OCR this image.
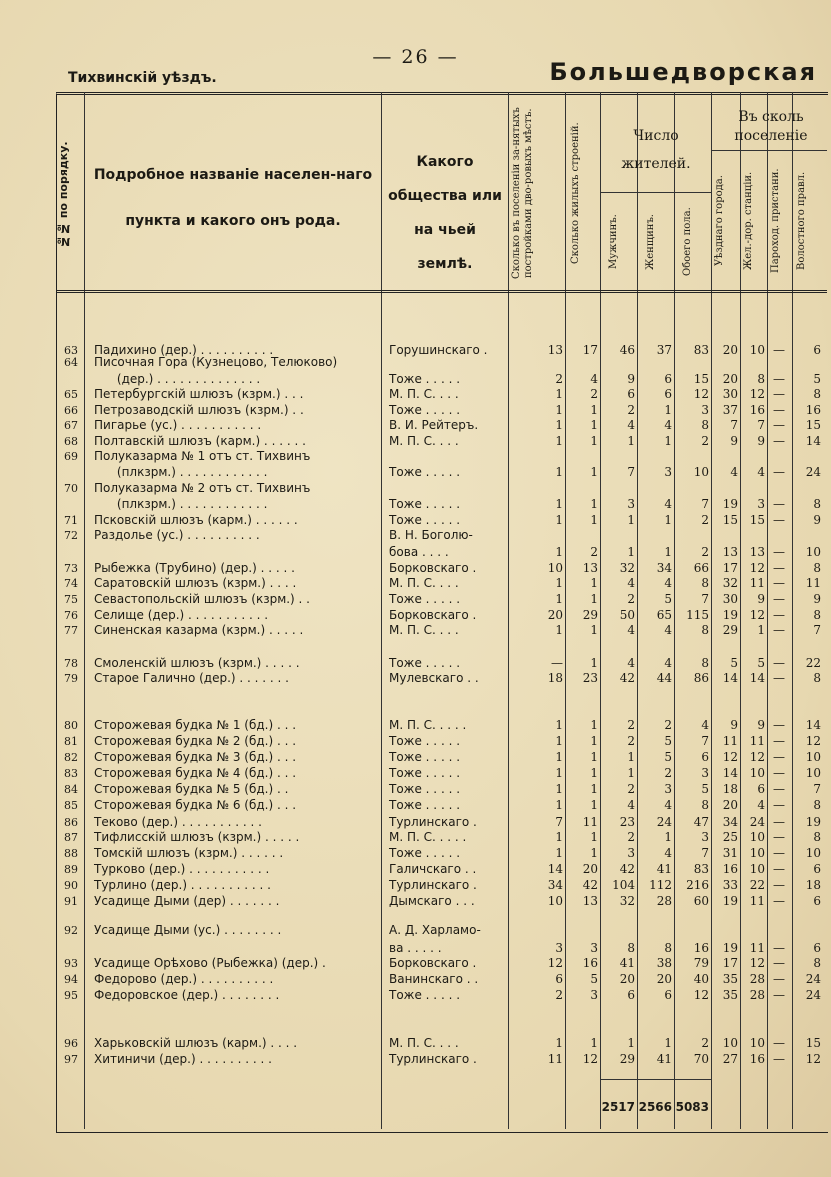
— 26 —
Тихвинскій уѣздъ.	Большедворская
№№ по порядку.	Подробное названіе населен-наго пункта и какого онъ рода.
Какого общества или на чьей землѣ.	Сколько въ поселеніи за-нятыхъ постройками дво-ровыхъ мѣстъ.	Сколько жилыхъ строеній.	Число жителей.
Мужчинъ.	Женщинъ.	Обоего пола.
Въ сколь поселеніе
Уѣзднаго города.	Жел.-дор. станціи.	Пароход. пристани.	Волостного правл.
63	Падихино (дер.) . . . . . . . . . .	Горушинскаго .	13	17	46	37	83	20 10 —	6
64	Писочная Гора (Кузнецово, Телюково)
(дер.) . . . . . . . . . . . . . .	Тоже . . . . .	2	4	9	6	15	20	8 —	5
65	Петербургскій шлюзъ (кзрм.) . . .	М. П. С. . . .	1	2	6	6	12	30 12 —	8
66	Петрозаводскій шлюзъ (кзрм.) . .	Тоже . . . . .	1	1	2	1	3	37 16 —	16
67	Пигарье (ус.) . . . . . . . . . . .	В. И. Рейтеръ.	1	1	4	4	8	7	7 —	15
68	Полтавскій шлюзъ (карм.) . . . . . .	М. П. С. . . .	1	1	1	1	2	9	9 —	14
69	Полуказарма № 1 отъ ст. Тихвинъ
(плкзрм.) . . . . . . . . . . . .	Тоже . . . . .	1	1	7	3	10	4	4 —	24
70	Полуказарма № 2 отъ ст. Тихвинъ
(плкзрм.) . . . . . . . . . . . .	Тоже . . . . .	1	1	3	4	7	19	3 —	8
71	Псковскій шлюзъ (карм.) . . . . . .	Тоже . . . . .	1	1	1	1	2	15 15 —	9
72	Раздолье (ус.) . . . . . . . . . .	В. Н. Боголю-
бова . . . .	1	2	1	1	2	13 13 —	10
73	Рыбежка (Трубино) (дер.) . . . . .	Борковскаго .	10	13	32	34	66	17 12 —	8
74	Саратовскій шлюзъ (кзрм.) . . . .	М. П. С. . . .	1	1	4	4	8	32 11 —	11
75	Севастопольскій шлюзъ (кзрм.) . .	Тоже . . . . .	1	1	2	5	7	30	9 —	9
76	Селище (дер.) . . . . . . . . . . .	Борковскаго .	20	29	50	65	115	19 12 —	8
77	Синенская казарма (кзрм.) . . . . .	М. П. С. . . .	1	1	4	4	8	29	1 —	7
78	Смоленскій шлюзъ (кзрм.) . . . . .	Тоже . . . . .	—	1	4	4	8	5	5 —	22
79	Старое Галично (дер.) . . . . . . .	Мулевскаго . .	18	23	42	44	86	14 14 —	8
80	Сторожевая будка № 1 (бд.) . . .	М. П. С. . . . .	1	1	2	2	4	9	9 —	14
81	Сторожевая будка № 2 (бд.) . . .	Тоже . . . . .	1	1	2	5	7	11 11 —	12
82	Сторожевая будка № 3 (бд.) . . .	Тоже . . . . .	1	1	1	5	6	12 12 —	10
83	Сторожевая будка № 4 (бд.) . . .	Тоже . . . . .	1	1	1	2	3	14 10 —	10
84	Сторожевая будка № 5 (бд.) . .	Тоже . . . . .	1	1	2	3	5	18	6 —	7
85	Сторожевая будка № 6 (бд.) . . .	Тоже . . . . .	1	1	4	4	8	20	4 —	8
86	Теково (дер.) . . . . . . . . . . .	Турлинскаго .	7	11	23	24	47	34 24 —	19
87	Тифлисскій шлюзъ (кзрм.) . . . . .	М. П. С. . . . .	1	1	2	1	3	25 10 —	8
88	Томскій шлюзъ (кзрм.) . . . . . .	Тоже . . . . .	1	1	3	4	7	31 10 —	10
89	Турково (дер.) . . . . . . . . . . .	Галичскаго . .	14	20	42	41	83	16 10 —	6
90	Турлино (дер.) . . . . . . . . . . .	Турлинскаго .	34	42	104	112	216	33 22 —	18
91	Усадище Дыми (дер) . . . . . . .	Дымскаго . . .	10	13	32	28	60	19 11 —	6
92	Усадище Дыми (ус.) . . . . . . . .	А. Д. Харламо-
ва . . . . .	3	3	8	8	16	19 11 —	6
93	Усадище Орѣхово (Рыбежка) (дер.) .	Борковскаго .	12	16	41	38	79	17 12 —	8
94	Федорово (дер.) . . . . . . . . . .	Ванинскаго . .	6	5	20	20	40	35 28 —	24
95	Федоровское (дер.) . . . . . . . .	Тоже . . . . .	2	3	6	6	12	35 28 —	24
96	Харьковскій шлюзъ (карм.) . . . .	М. П. С. . . .	1	1	1	1	2	10 10 —	15
97	Хитиничи (дер.) . . . . . . . . . .	Турлинскаго .	11	12	29	41	70	27 16 —	12
2517 2566 5083
